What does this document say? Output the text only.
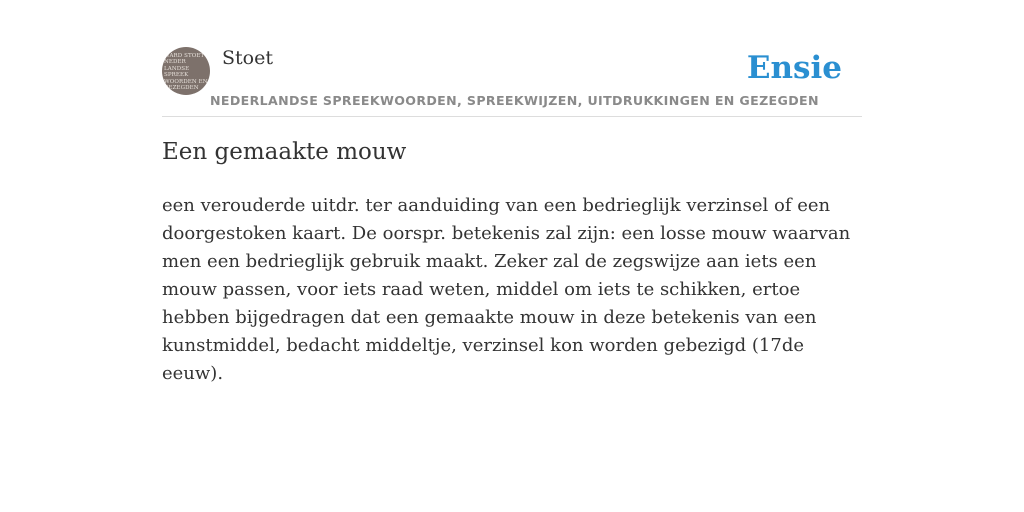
WARD STOET
NEDER
LANDSE
SPREEK
WOORDEN EN
GEZEGDEN
Stoet
NEDERLANDSE SPREEKWOORDEN, SPREEKWIJZEN, UITDRUKKINGEN EN GEZEGDEN
Ensie
Een gemaakte mouw

een verouderde uitdr. ter aanduiding van een bedrieglijk verzinsel of een doorgestoken kaart. De oorspr. betekenis zal zijn: een losse mouw waarvan men een bedrieglijk gebruik maakt. Zeker zal de zegswijze aan iets een mouw passen, voor iets raad weten, middel om iets te schikken, ertoe hebben bijgedragen dat een gemaakte mouw in deze betekenis van een kunstmiddel, bedacht middeltje, verzinsel kon worden gebezigd (17de eeuw).
